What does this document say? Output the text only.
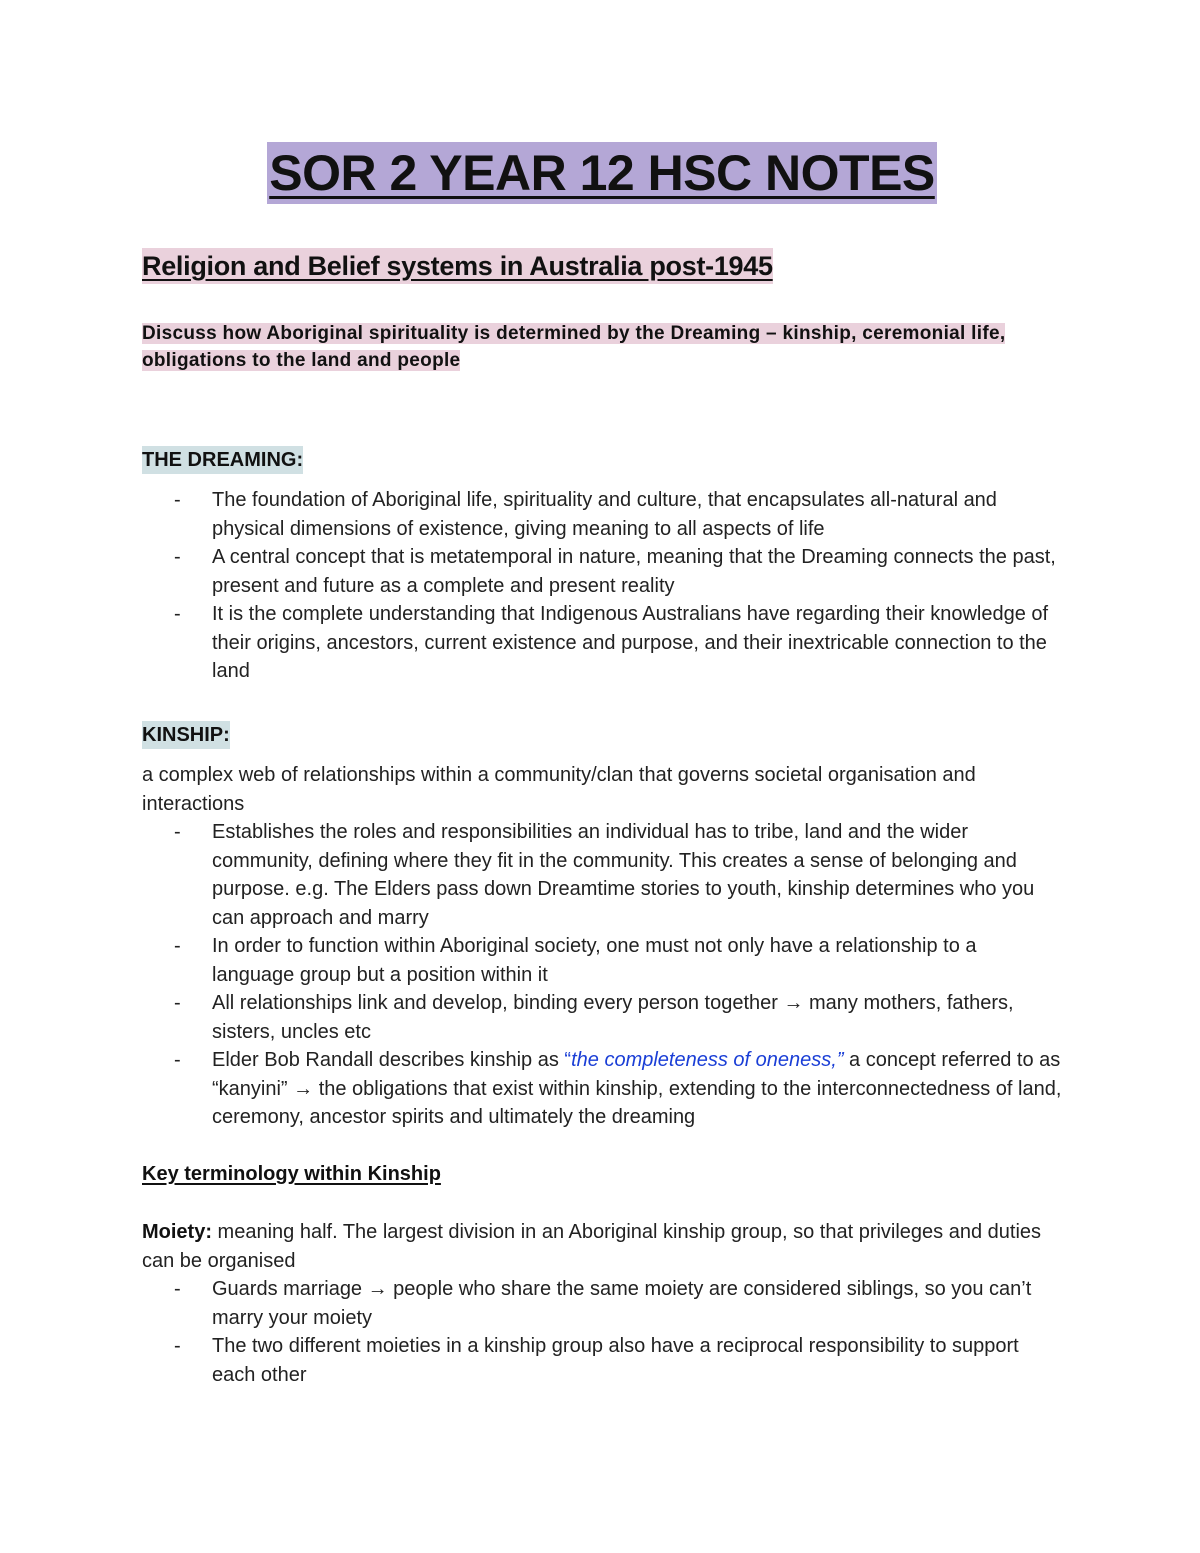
SOR 2 YEAR 12 HSC NOTES
Religion and Belief systems in Australia post-1945
Discuss how Aboriginal spirituality is determined by the Dreaming – kinship, ceremonial life, obligations to the land and people
THE DREAMING:
- The foundation of Aboriginal life, spirituality and culture, that encapsulates all-natural and physical dimensions of existence, giving meaning to all aspects of life
- A central concept that is metatemporal in nature, meaning that the Dreaming connects the past, present and future as a complete and present reality
- It is the complete understanding that Indigenous Australians have regarding their knowledge of their origins, ancestors, current existence and purpose, and their inextricable connection to the land
KINSHIP:
a complex web of relationships within a community/clan that governs societal organisation and interactions
- Establishes the roles and responsibilities an individual has to tribe, land and the wider community, defining where they fit in the community. This creates a sense of belonging and purpose. e.g. The Elders pass down Dreamtime stories to youth, kinship determines who you can approach and marry
- In order to function within Aboriginal society, one must not only have a relationship to a language group but a position within it
- All relationships link and develop, binding every person together → many mothers, fathers, sisters, uncles etc
- Elder Bob Randall describes kinship as “the completeness of oneness,” a concept referred to as “kanyini” → the obligations that exist within kinship, extending to the interconnectedness of land, ceremony, ancestor spirits and ultimately the dreaming
Key terminology within Kinship
Moiety: meaning half. The largest division in an Aboriginal kinship group, so that privileges and duties can be organised
- Guards marriage → people who share the same moiety are considered siblings, so you can’t marry your moiety
- The two different moieties in a kinship group also have a reciprocal responsibility to support each other
